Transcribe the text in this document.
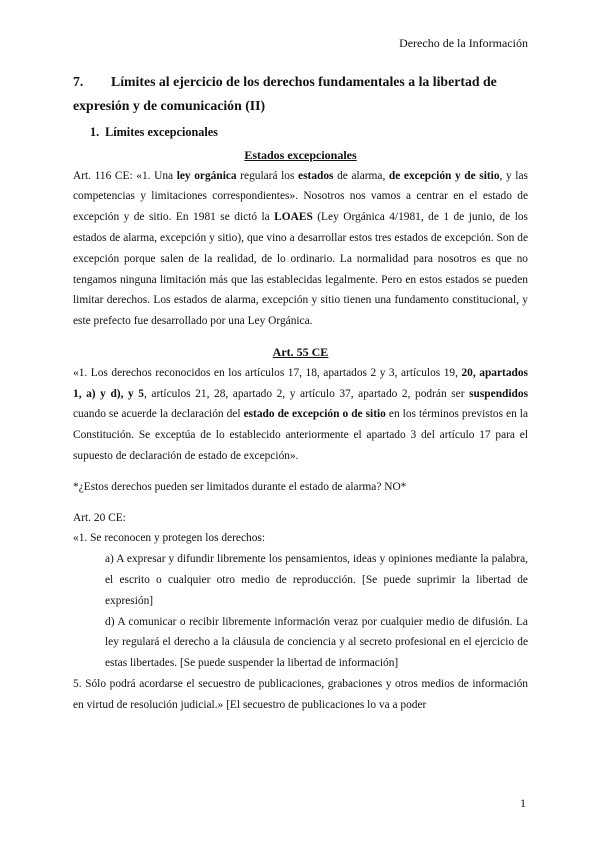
Derecho de la Información

7. Límites al ejercicio de los derechos fundamentales a la libertad de expresión y de comunicación (II)

1. Límites excepcionales

Estados excepcionales

Art. 116 CE: «1. Una ley orgánica regulará los estados de alarma, de excepción y de sitio, y las competencias y limitaciones correspondientes». Nosotros nos vamos a centrar en el estado de excepción y de sitio. En 1981 se dictó la LOAES (Ley Orgánica 4/1981, de 1 de junio, de los estados de alarma, excepción y sitio), que vino a desarrollar estos tres estados de excepción. Son de excepción porque salen de la realidad, de lo ordinario. La normalidad para nosotros es que no tengamos ninguna limitación más que las establecidas legalmente. Pero en estos estados se pueden limitar derechos. Los estados de alarma, excepción y sitio tienen una fundamento constitucional, y este prefecto fue desarrollado por una Ley Orgánica.

Art. 55 CE

«1. Los derechos reconocidos en los artículos 17, 18, apartados 2 y 3, artículos 19, 20, apartados 1, a) y d), y 5, artículos 21, 28, apartado 2, y artículo 37, apartado 2, podrán ser suspendidos cuando se acuerde la declaración del estado de excepción o de sitio en los términos previstos en la Constitución. Se exceptúa de lo establecido anteriormente el apartado 3 del artículo 17 para el supuesto de declaración de estado de excepción».

*¿Estos derechos pueden ser limitados durante el estado de alarma? NO*

Art. 20 CE:

«1. Se reconocen y protegen los derechos:

a) A expresar y difundir libremente los pensamientos, ideas y opiniones mediante la palabra, el escrito o cualquier otro medio de reproducción. [Se puede suprimir la libertad de expresión]

d) A comunicar o recibir libremente información veraz por cualquier medio de difusión. La ley regulará el derecho a la cláusula de conciencia y al secreto profesional en el ejercicio de estas libertades. [Se puede suspender la libertad de información]

5. Sólo podrá acordarse el secuestro de publicaciones, grabaciones y otros medios de información en virtud de resolución judicial.» [El secuestro de publicaciones lo va a poder

1
